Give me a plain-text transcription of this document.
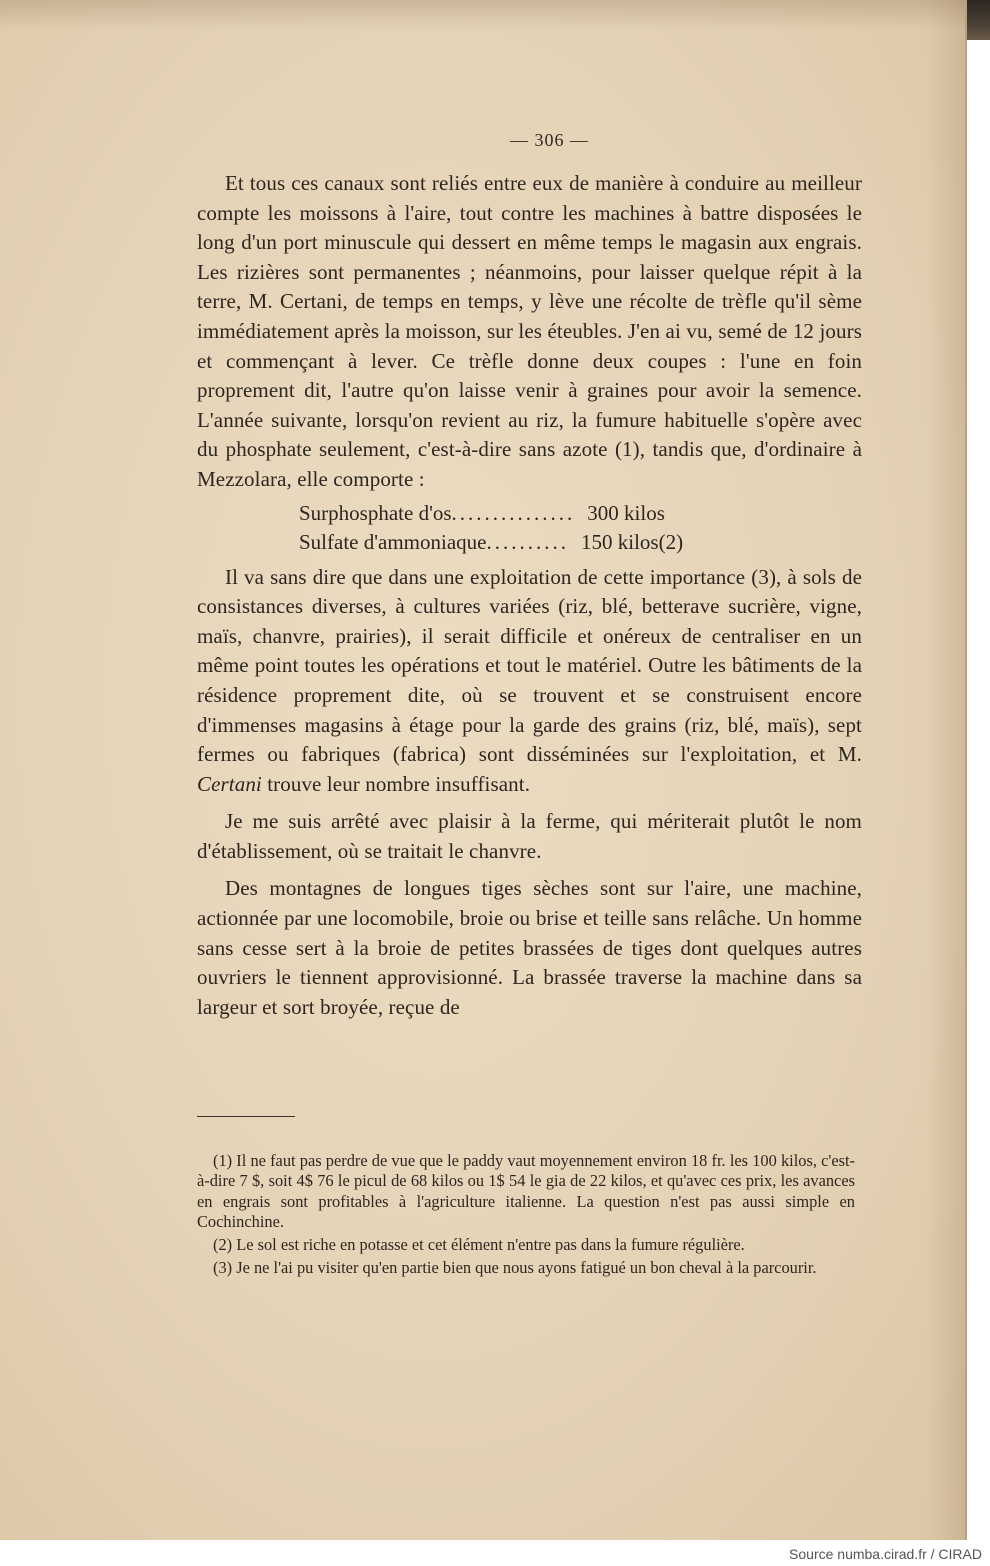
— 306 —

Et tous ces canaux sont reliés entre eux de manière à conduire au meilleur compte les moissons à l'aire, tout contre les machines à battre disposées le long d'un port minuscule qui dessert en même temps le magasin aux engrais. Les rizières sont permanentes ; néanmoins, pour laisser quelque répit à la terre, M. Certani, de temps en temps, y lève une récolte de trèfle qu'il sème immédiatement après la moisson, sur les éteubles. J'en ai vu, semé de 12 jours et commençant à lever. Ce trèfle donne deux coupes : l'une en foin proprement dit, l'autre qu'on laisse venir à graines pour avoir la semence. L'année suivante, lorsqu'on revient au riz, la fumure habituelle s'opère avec du phosphate seulement, c'est-à-dire sans azote (1), tandis que, d'ordinaire à Mezzolara, elle comporte :

Surphosphate d'os ............... 300 kilos
Sulfate d'ammoniaque .......... 150 kilos (2)

Il va sans dire que dans une exploitation de cette importance (3), à sols de consistances diverses, à cultures variées (riz, blé, betterave sucrière, vigne, maïs, chanvre, prairies), il serait difficile et onéreux de centraliser en un même point toutes les opérations et tout le matériel. Outre les bâtiments de la résidence proprement dite, où se trouvent et se construisent encore d'immenses magasins à étage pour la garde des grains (riz, blé, maïs), sept fermes ou fabriques (fabrica) sont disséminées sur l'exploitation, et M. Certani trouve leur nombre insuffisant.

Je me suis arrêté avec plaisir à la ferme, qui mériterait plutôt le nom d'établissement, où se traitait le chanvre.

Des montagnes de longues tiges sèches sont sur l'aire, une machine, actionnée par une locomobile, broie ou brise et teille sans relâche. Un homme sans cesse sert à la broie de petites brassées de tiges dont quelques autres ouvriers le tiennent approvisionné. La brassée traverse la machine dans sa largeur et sort broyée, reçue de

(1) Il ne faut pas perdre de vue que le paddy vaut moyennement environ 18 fr. les 100 kilos, c'est-à-dire 7 $, soit 4$ 76 le picul de 68 kilos ou 1$ 54 le gia de 22 kilos, et qu'avec ces prix, les avances en engrais sont profitables à l'agriculture italienne. La question n'est pas aussi simple en Cochinchine.

(2) Le sol est riche en potasse et cet élément n'entre pas dans la fumure régulière.

(3) Je ne l'ai pu visiter qu'en partie bien que nous ayons fatigué un bon cheval à la parcourir.

Source numba.cirad.fr / CIRAD
